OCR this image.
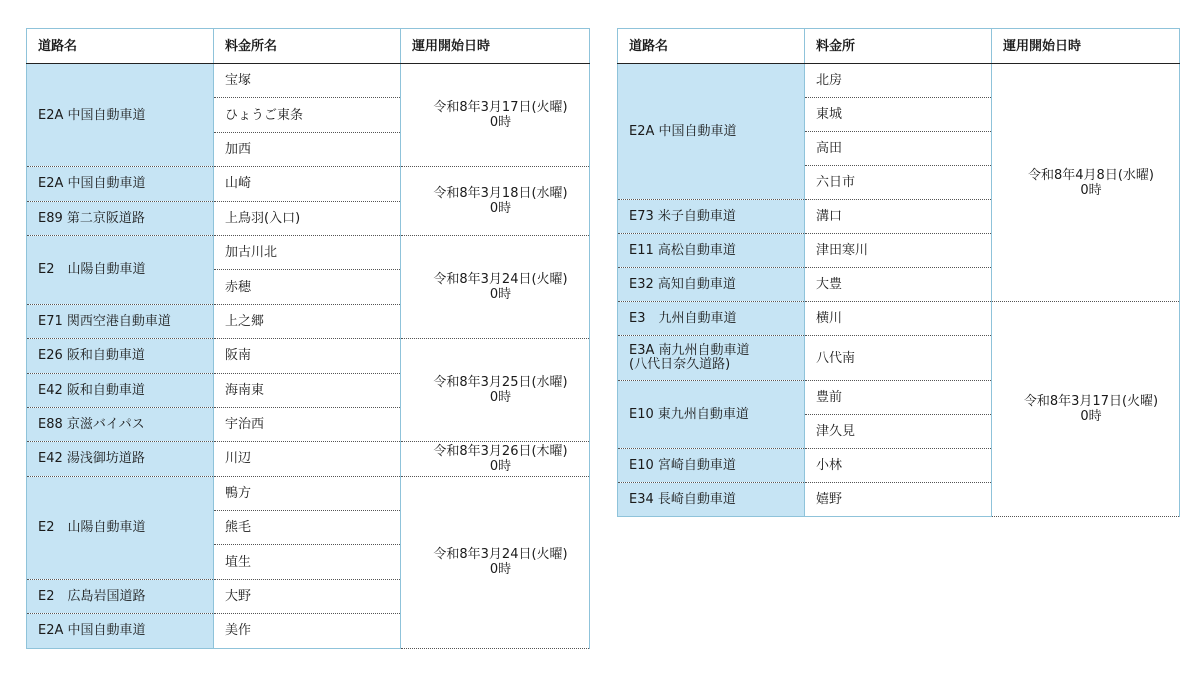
道路名	料金所名	運用開始日時
E2A 中国自動車道	宝塚	令和8年3月17日(火曜)
0時

	ひょうご東条	
	加西	
E2A 中国自動車道	山崎	令和8年3月18日(水曜)
0時

E89 第二京阪道路	上鳥羽(入口)	
E2　山陽自動車道	加古川北	令和8年3月24日(火曜)
0時

	赤穂	
E71 関西空港自動車道	上之郷	
E26 阪和自動車道	阪南	令和8年3月25日(水曜)
0時

E42 阪和自動車道	海南東	
E88 京滋バイパス	宇治西	
E42 湯浅御坊道路	川辺	令和8年3月26日(木曜)
0時

E2　山陽自動車道	鴨方	令和8年3月24日(火曜)
0時

	熊毛	
	埴生	
E2　広島岩国道路	大野	
E2A 中国自動車道	美作	
道路名	料金所	運用開始日時
E2A 中国自動車道	北房	令和8年4月8日(水曜)
0時

	東城	
	高田	
	六日市	
E73 米子自動車道	溝口	
E11 高松自動車道	津田寒川	
E32 高知自動車道	大豊	
E3　九州自動車道	横川	令和8年3月17日(火曜)
0時

E3A 南九州自動車道
(八代日奈久道路)	八代南	
E10 東九州自動車道	豊前	
	津久見	
E10 宮崎自動車道	小林	
E34 長崎自動車道	嬉野	
